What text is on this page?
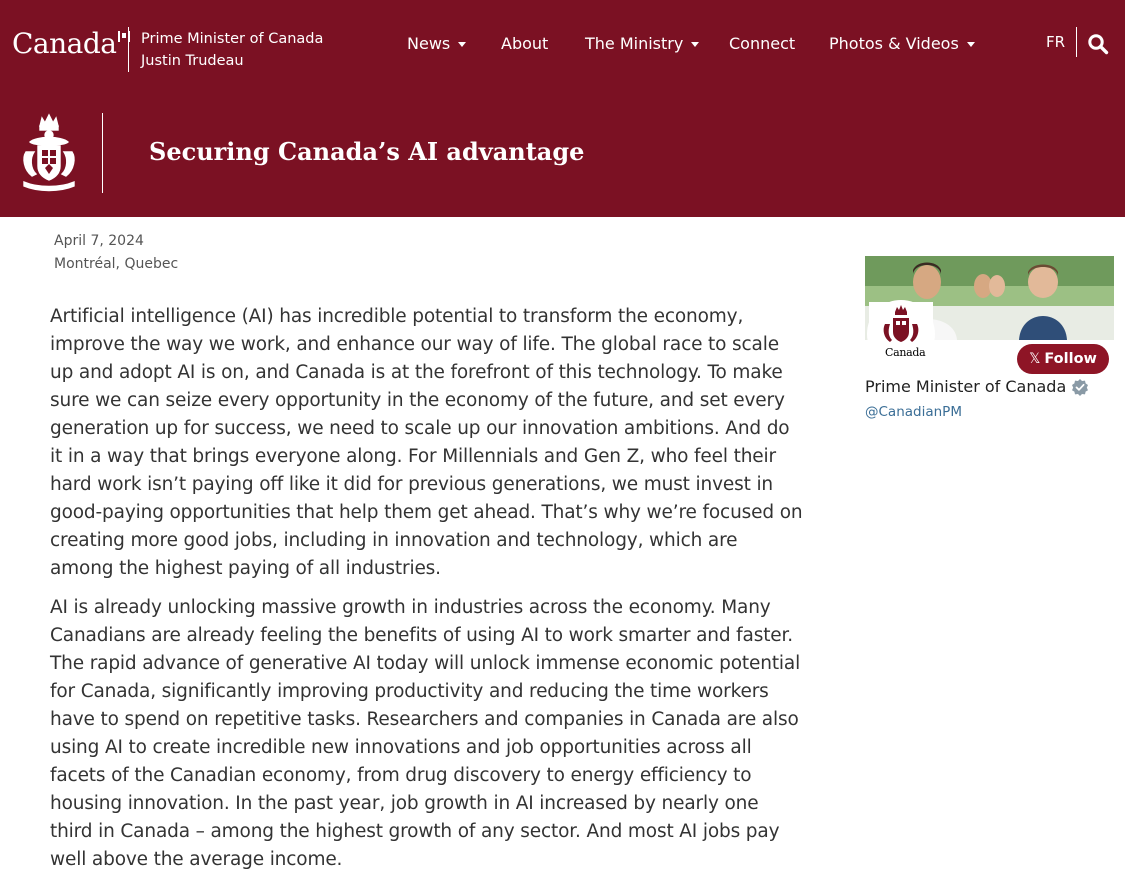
Canada Prime Minister of Canada
Justin Trudeau
News	About The Ministry	Connect Photos & Videos	FR
Securing Canada’s AI advantage
April 7, 2024
Montréal, Quebec

Artificial intelligence (AI) has incredible potential to transform the economy, improve the way we work, and enhance our way of life. The global race to scale up and adopt AI is on, and Canada is at the forefront of this technology. To make sure we can seize every opportunity in the economy of the future, and set every generation up for success, we need to scale up our innovation ambitions. And do it in a way that brings everyone along. For Millennials and Gen Z, who feel their hard work isn’t paying off like it did for previous generations, we must invest in good-paying opportunities that help them get ahead. That’s why we’re focused on creating more good jobs, including in innovation and technology, which are among the highest paying of all industries.

AI is already unlocking massive growth in industries across the economy. Many Canadians are already feeling the benefits of using AI to work smarter and faster. The rapid advance of generative AI today will unlock immense economic potential for Canada, significantly improving productivity and reducing the time workers have to spend on repetitive tasks. Researchers and companies in Canada are also using AI to create incredible new innovations and job opportunities across all facets of the Canadian economy, from drug discovery to energy efficiency to housing innovation. In the past year, job growth in AI increased by nearly one third in Canada – among the highest growth of any sector. And most AI jobs pay well above the average income.

Canada	𝕏 Follow
Prime Minister of Canada
@CanadianPM
